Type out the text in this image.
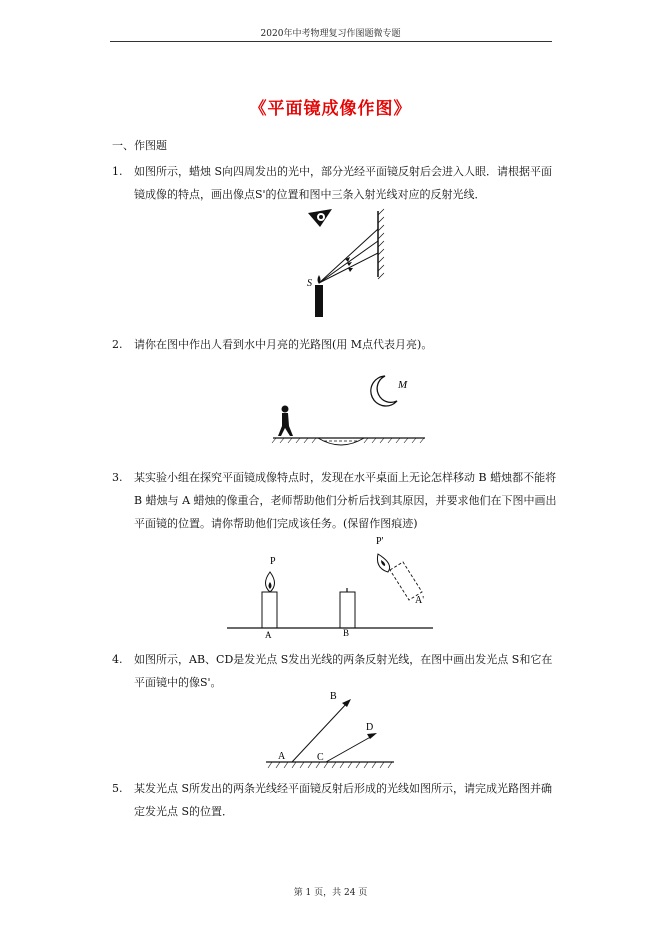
2020年中考物理复习作图题微专题
《平面镜成像作图》
一、作图题
1.	如图所示，蜡烛 S向四周发出的光中，部分光经平面镜反射后会进入人眼．请根据平面镜成像的特点，画出像点S'的位置和图中三条入射光线对应的反射光线．
S
2.	请你在图中作出人看到水中月亮的光路图(用 M点代表月亮)。
M
3.	某实验小组在探究平面镜成像特点时，发现在水平桌面上无论怎样移动 B 蜡烛都不能将 B 蜡烛与 A 蜡烛的像重合，老师帮助他们分析后找到其原因，并要求他们在下图中画出平面镜的位置。请你帮助他们完成该任务。(保留作图痕迹)
P
A	B
P'
A'
4.	如图所示，AB、CD是发光点 S发出光线的两条反射光线，在图中画出发光点 S和它在平面镜中的像S'。
A
B
C
D
5.	某发光点 S所发出的两条光线经平面镜反射后形成的光线如图所示，请完成光路图并确定发光点 S的位置．
第 1 页，共 24 页
